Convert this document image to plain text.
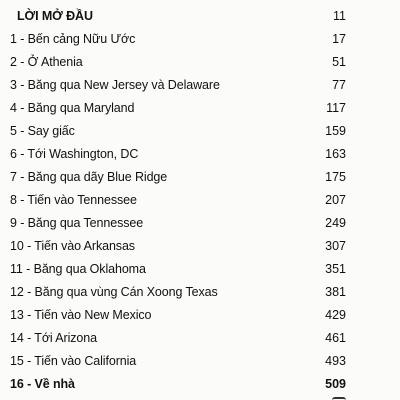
LỜI MỞ ĐẦU	11
1 - Bến cảng Nữu Ước	17
2 - Ở Athenia	51
3 - Băng qua New Jersey và Delaware	77
4 - Băng qua Maryland	117
5 - Say giấc	159
6 - Tới Washington, DC	163
7 - Băng qua dãy Blue Ridge	175
8 - Tiến vào Tennessee	207
9 - Băng qua Tennessee	249
10 - Tiến vào Arkansas	307
11 - Băng qua Oklahoma	351
12 - Băng qua vùng Cán Xoong Texas	381
13 - Tiến vào New Mexico	429
14 - Tới Arizona	461
15 - Tiến vào California	493
16 - Về nhà	509
